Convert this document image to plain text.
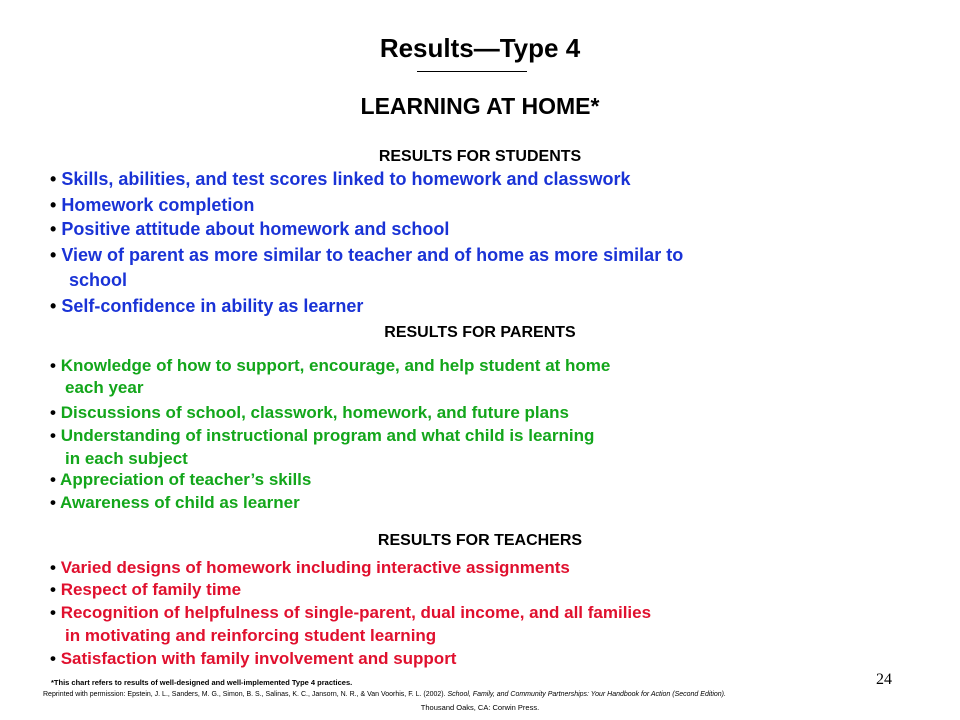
Results—Type 4
LEARNING AT HOME*
RESULTS FOR STUDENTS
• Skills, abilities, and test scores linked to homework and classwork
• Homework completion
• Positive attitude about homework and school
• View of parent as more similar to teacher and of home as more similar to
school
• Self-confidence in ability as learner
RESULTS FOR PARENTS
• Knowledge of how to support, encourage, and help student at home
each year
• Discussions of school, classwork, homework, and future plans
• Understanding of instructional program and what child is learning
in each subject
• Appreciation of teacher’s skills
• Awareness of child as learner
RESULTS FOR TEACHERS
• Varied designs of homework including interactive assignments
• Respect of family time
• Recognition of helpfulness of single-parent, dual income, and all families
in motivating and reinforcing student learning
• Satisfaction with family involvement and support
24
*This chart refers to results of well-designed and well-implemented Type 4 practices.
Reprinted with permission: Epstein, J. L., Sanders, M. G., Simon, B. S., Salinas, K. C., Jansorn, N. R., & Van Voorhis, F. L. (2002). School, Family, and Community Partnerships: Your Handbook for Action (Second Edition).
Thousand Oaks, CA: Corwin Press.
